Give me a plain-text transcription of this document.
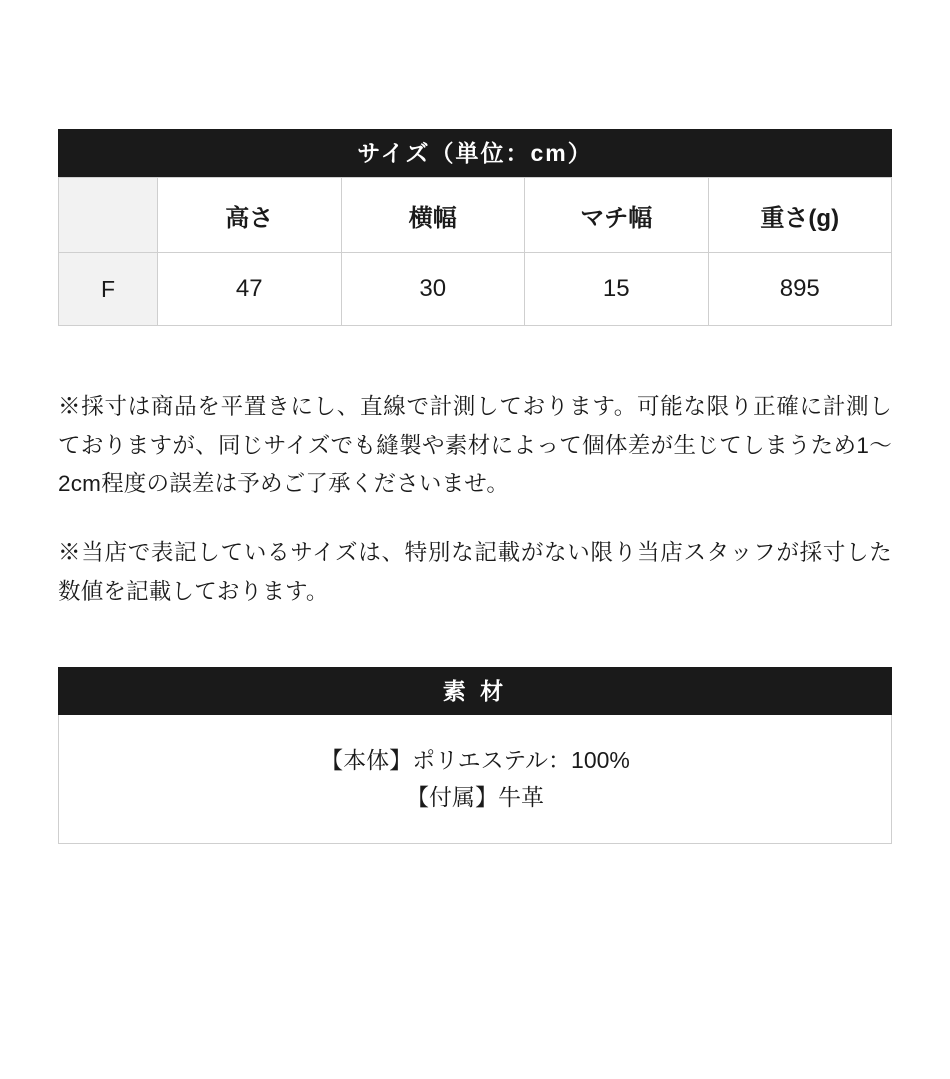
サイズ（単位：cm）
	高さ	横幅	マチ幅	重さ(g)
F	47	30	15	895

※採寸は商品を平置きにし、直線で計測しております。可能な限り正確に計測しておりますが、同じサイズでも縫製や素材によって個体差が生じてしまうため1〜2cm程度の誤差は予めご了承くださいませ。

※当店で表記しているサイズは、特別な記載がない限り当店スタッフが採寸した数値を記載しております。

素 材
【本体】ポリエステル：100%
【付属】牛革
